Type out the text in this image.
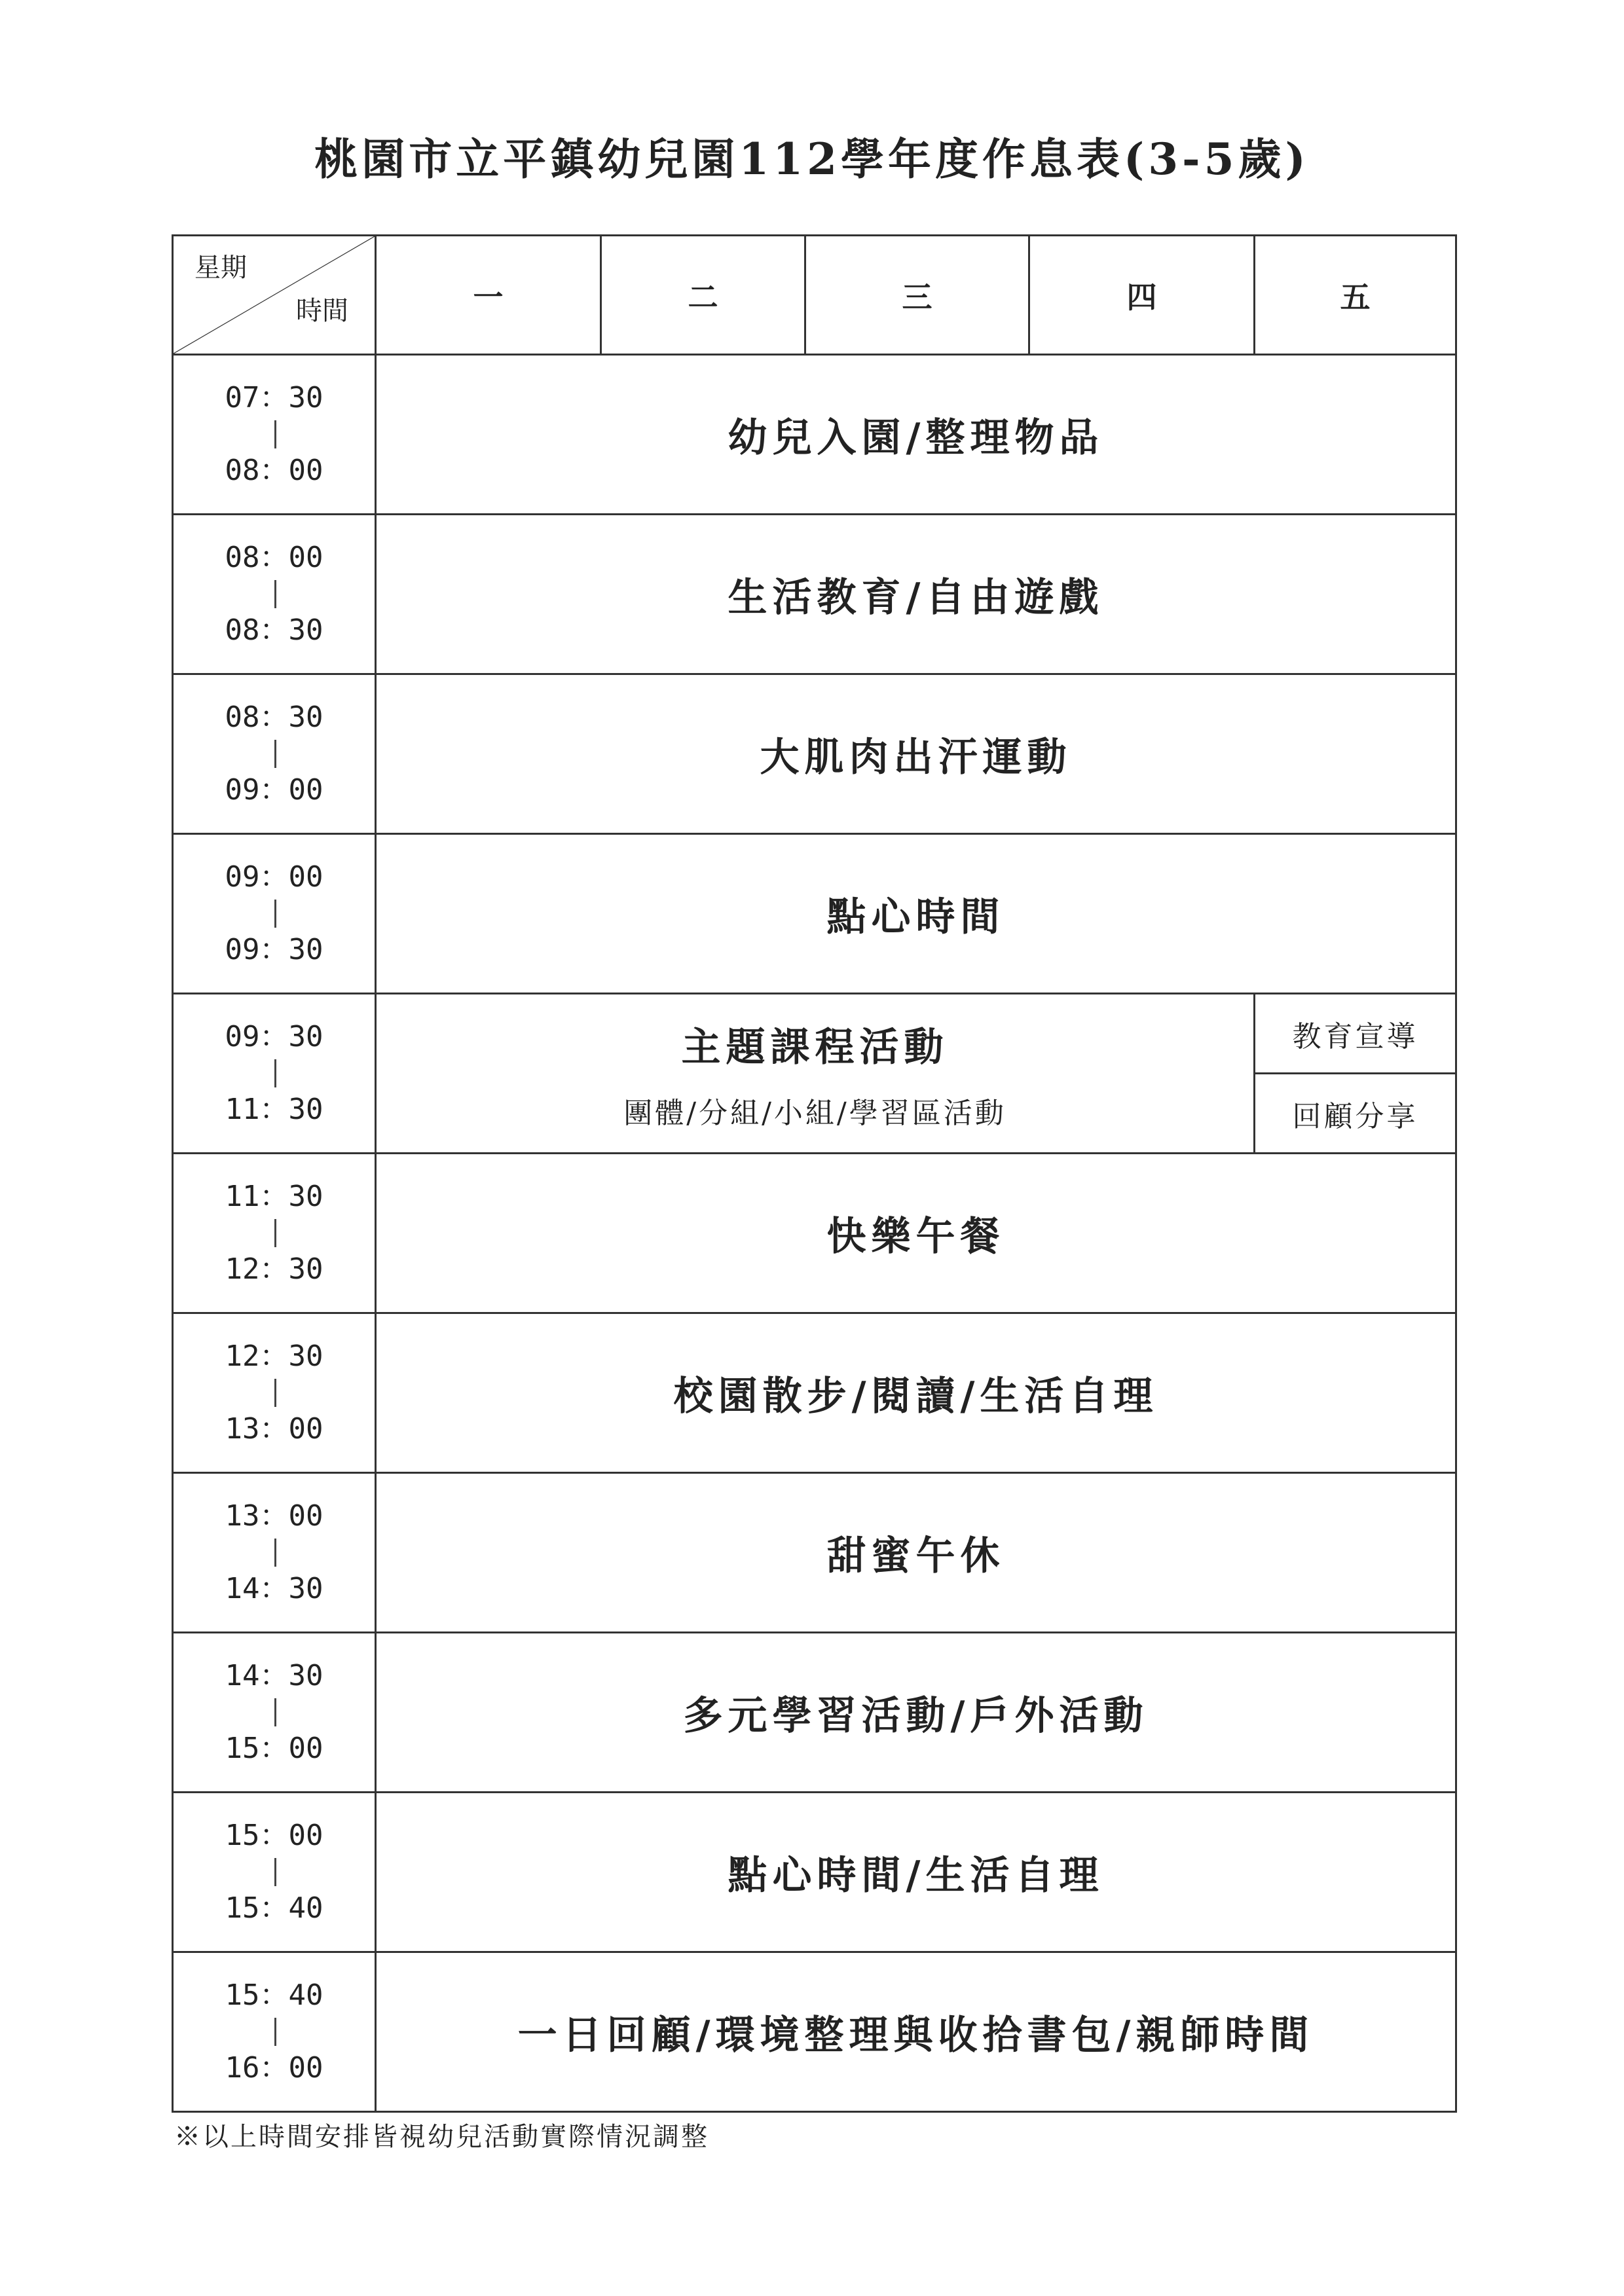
桃園市立平鎮幼兒園112學年度作息表(3-5歲)
星期
時間	一	二	三	四	五

07：30
08：00	幼兒入園/整理物品				

08：00
08：30	生活教育/自由遊戲				

08：30
09：00	大肌肉出汗運動				

09：00
09：30	點心時間				

09：30
11：30	主題課程活動
團體/分組/小組/學習區活動				教育宣導
					回顧分享

11：30
12：30	快樂午餐				

12：30
13：00	校園散步/閱讀/生活自理				

13：00
14：30	甜蜜午休				

14：30
15：00	多元學習活動/戶外活動				

15：00
15：40	點心時間/生活自理				

15：40
16：00	一日回顧/環境整理與收拾書包/親師時間				
※以上時間安排皆視幼兒活動實際情況調整
